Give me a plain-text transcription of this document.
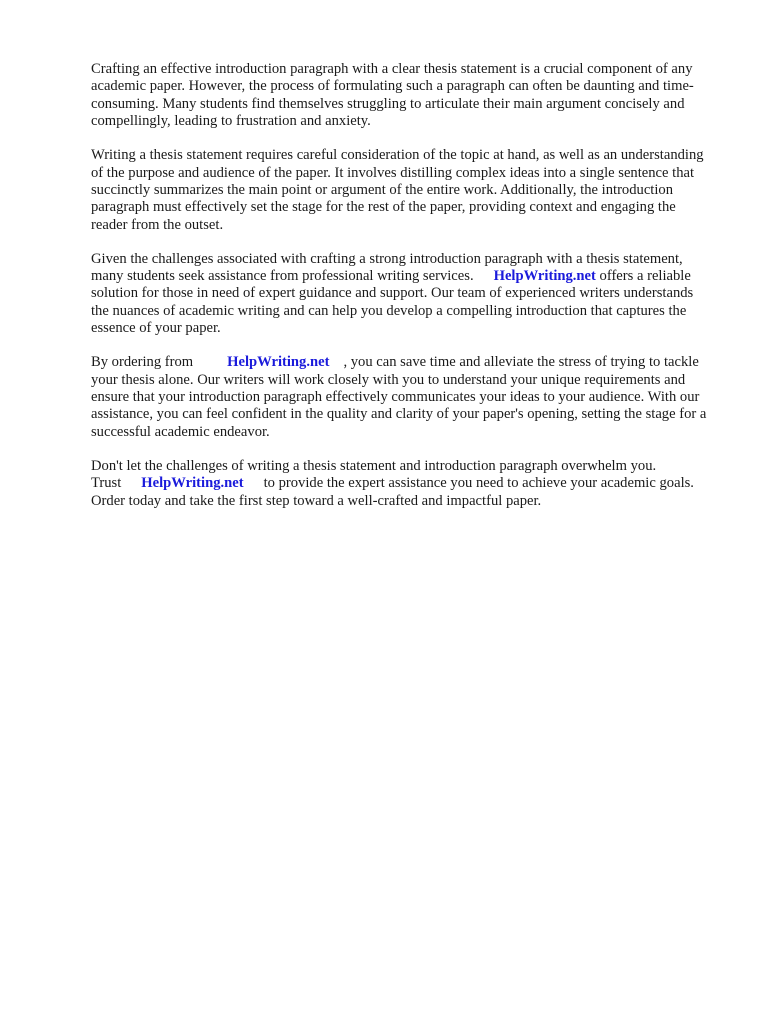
Crafting an effective introduction paragraph with a clear thesis statement is a crucial component of any academic paper. However, the process of formulating such a paragraph can often be daunting and time-consuming. Many students find themselves struggling to articulate their main argument concisely and compellingly, leading to frustration and anxiety.

Writing a thesis statement requires careful consideration of the topic at hand, as well as an understanding of the purpose and audience of the paper. It involves distilling complex ideas into a single sentence that succinctly summarizes the main point or argument of the entire work. Additionally, the introduction paragraph must effectively set the stage for the rest of the paper, providing context and engaging the reader from the outset.

Given the challenges associated with crafting a strong introduction paragraph with a thesis statement, many students seek assistance from professional writing services. HelpWriting.net offers a reliable solution for those in need of expert guidance and support. Our team of experienced writers understands the nuances of academic writing and can help you develop a compelling introduction that captures the essence of your paper.

By ordering from HelpWriting.net , you can save time and alleviate the stress of trying to tackle your thesis alone. Our writers will work closely with you to understand your unique requirements and ensure that your introduction paragraph effectively communicates your ideas to your audience. With our assistance, you can feel confident in the quality and clarity of your paper's opening, setting the stage for a successful academic endeavor.

Don't let the challenges of writing a thesis statement and introduction paragraph overwhelm you.
Trust HelpWriting.net to provide the expert assistance you need to achieve your academic goals. Order today and take the first step toward a well-crafted and impactful paper.
